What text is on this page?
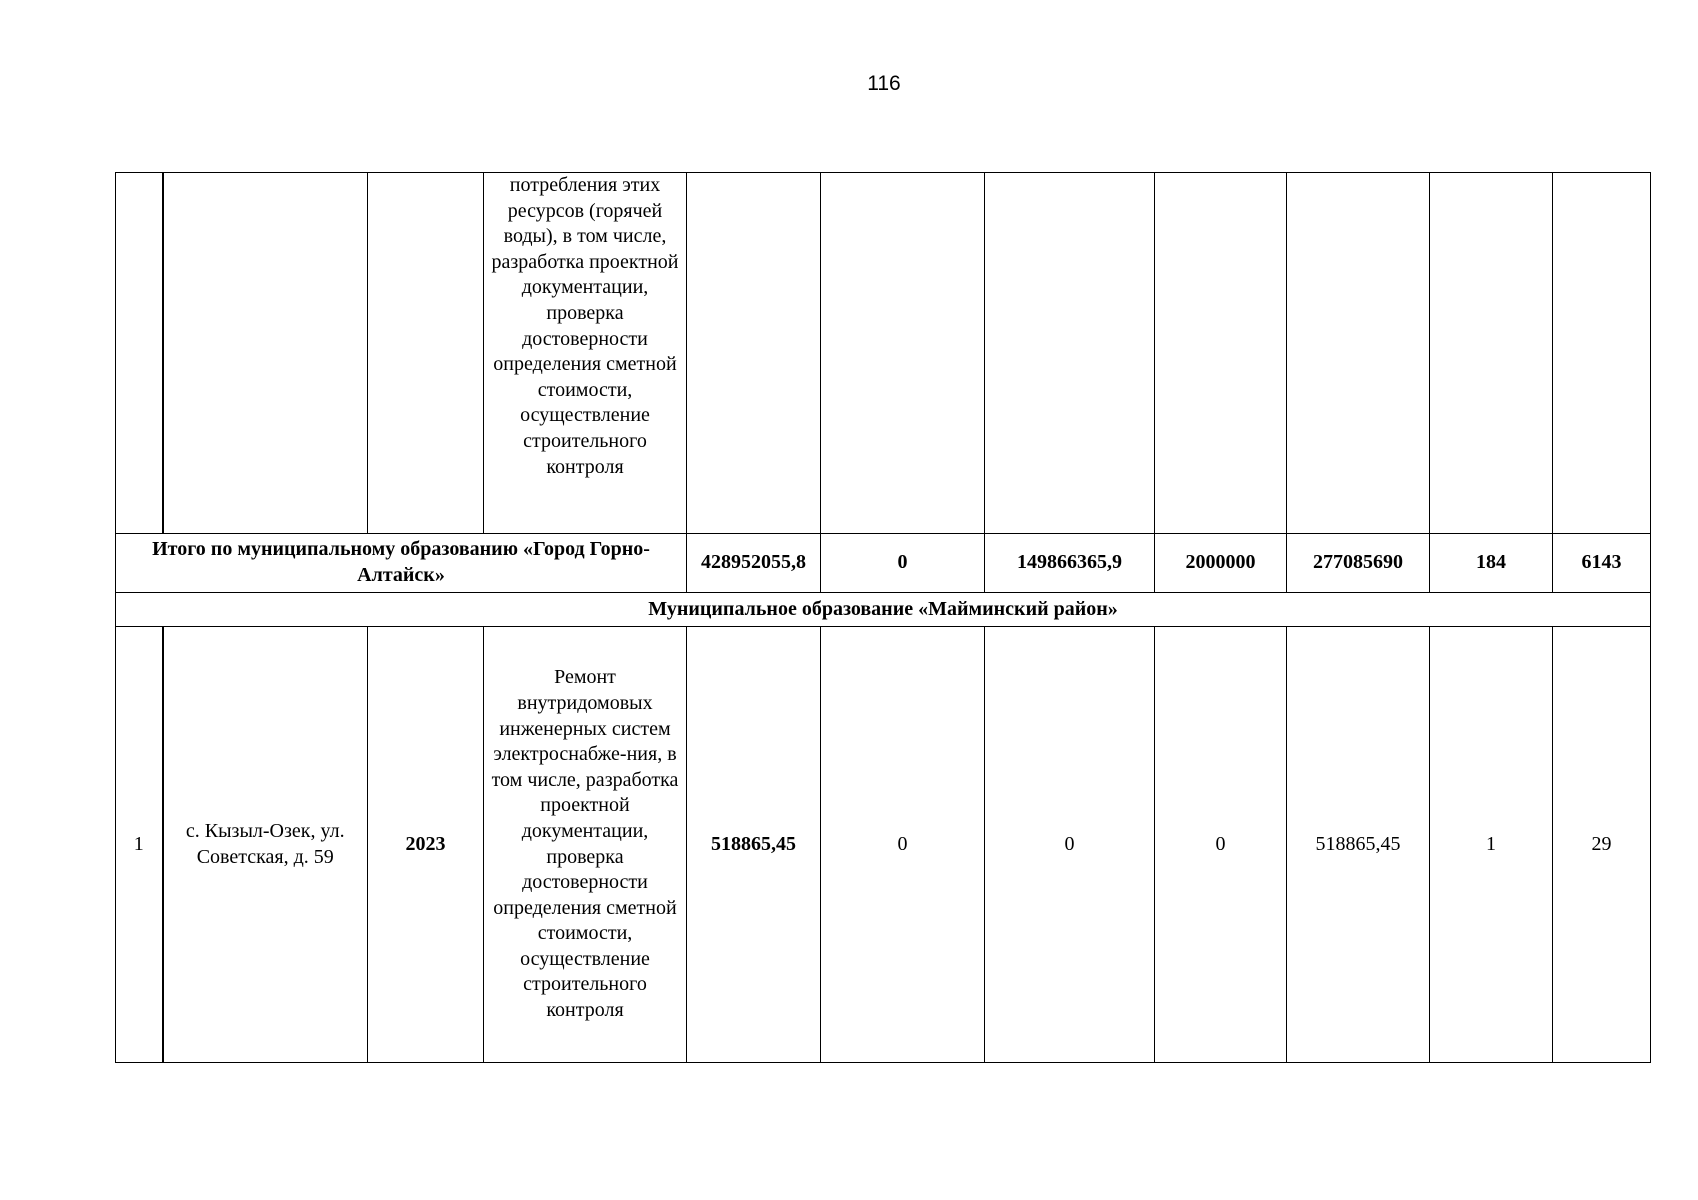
116
			потребления этих ресурсов (горячей воды), в том числе, разработка проектной документации, проверка достоверности определения сметной стоимости, осуществление строительного контроля							
Итого по муниципальному образованию «Город Горно-Алтайск»				428952055,8	0	149866365,9	2000000	277085690	184	6143
Муниципальное образование «Майминский район»										
1	с. Кызыл-Озек, ул. Советская, д. 59	2023	Ремонт внутридомовых инженерных систем электроснабже-ния, в том числе, разработка проектной документации, проверка достоверности определения сметной стоимости, осуществление строительного контроля	518865,45	0	0	0	518865,45	1	29
